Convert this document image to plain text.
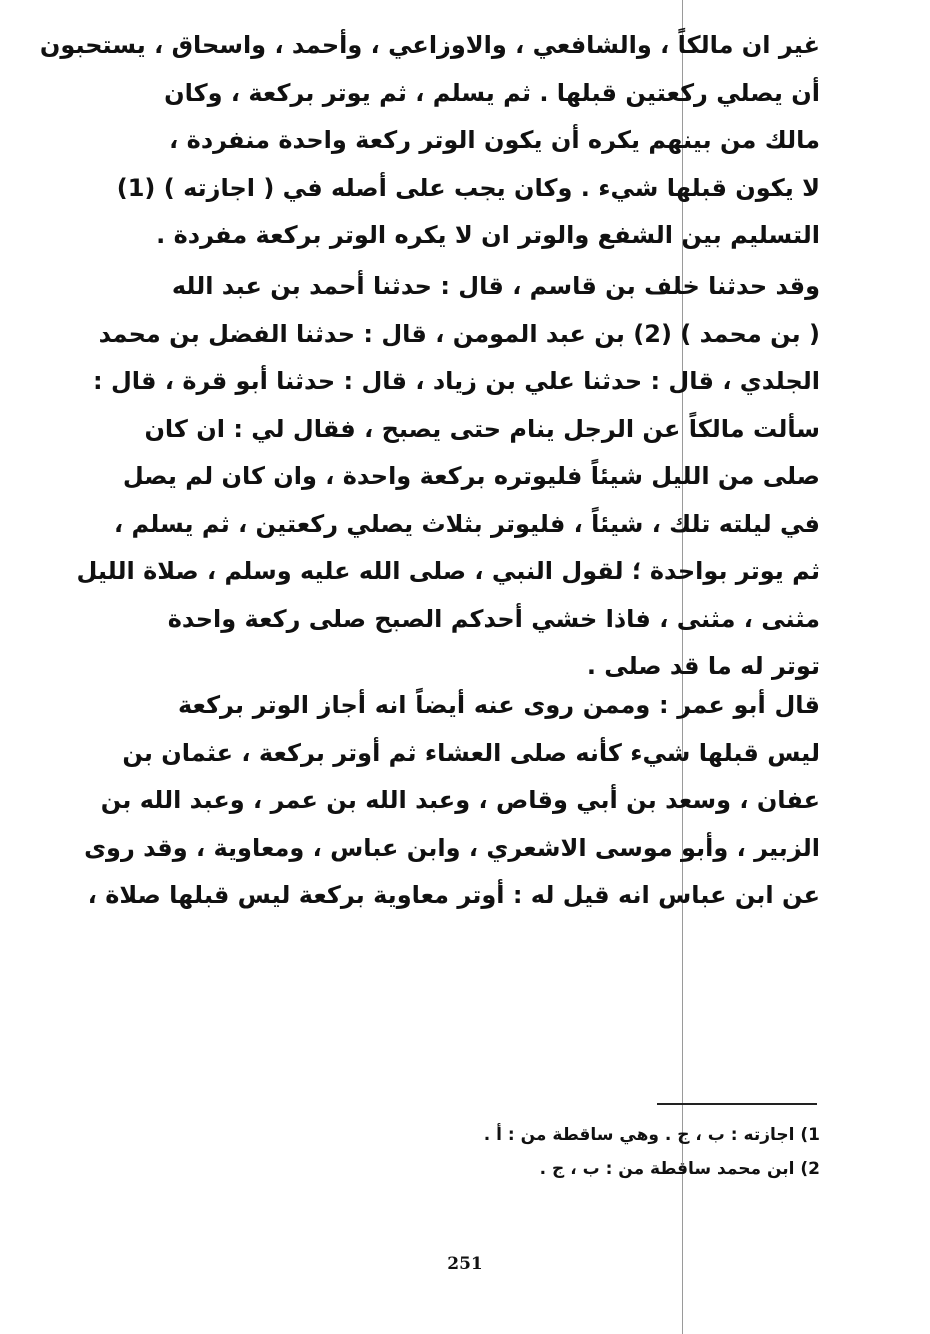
غير ان مالكاً ، والشافعي ، والاوزاعي ، وأحمد ، واسحاق ، يستحبون
أن يصلي ركعتين قبلها . ثم يسلم ، ثم يوتر بركعة ، وكان
مالك من بينهم يكره أن يكون الوتر ركعة واحدة منفردة ،
لا يكون قبلها شيء . وكان يجب على أصله في ( اجازته ) (1)
التسليم بين الشفع والوتر ان لا يكره الوتر بركعة مفردة .
وقد حدثنا خلف بن قاسم ، قال : حدثنا أحمد بن عبد الله
( بن محمد ) (2) بن عبد المومن ، قال : حدثنا الفضل بن محمد
الجلدي ، قال : حدثنا علي بن زياد ، قال : حدثنا أبو قرة ، قال :
سألت مالكاً عن الرجل ينام حتى يصبح ، فقال لي : ان كان
صلى من الليل شيئاً فليوتره بركعة واحدة ، وان كان لم يصل
في ليلته تلك ، شيئاً ، فليوتر بثلاث يصلي ركعتين ، ثم يسلم ،
ثم يوتر بواحدة ؛ لقول النبي ، صلى الله عليه وسلم ، صلاة الليل
مثنى ، مثنى ، فاذا خشي أحدكم الصبح صلى ركعة واحدة
توتر له ما قد صلى .
قال أبو عمر : وممن روى عنه أيضاً انه أجاز الوتر بركعة
ليس قبلها شيء كأنه صلى العشاء ثم أوتر بركعة ، عثمان بن
عفان ، وسعد بن أبي وقاص ، وعبد الله بن عمر ، وعبد الله بن
الزبير ، وأبو موسى الاشعري ، وابن عباس ، ومعاوية ، وقد روى
عن ابن عباس انه قيل له : أوتر معاوية بركعة ليس قبلها صلاة ،
1) اجازته : ب ، ج . وهي ساقطة من : أ .
2) ابن محمد ساقطة من : ب ، ج .
251
